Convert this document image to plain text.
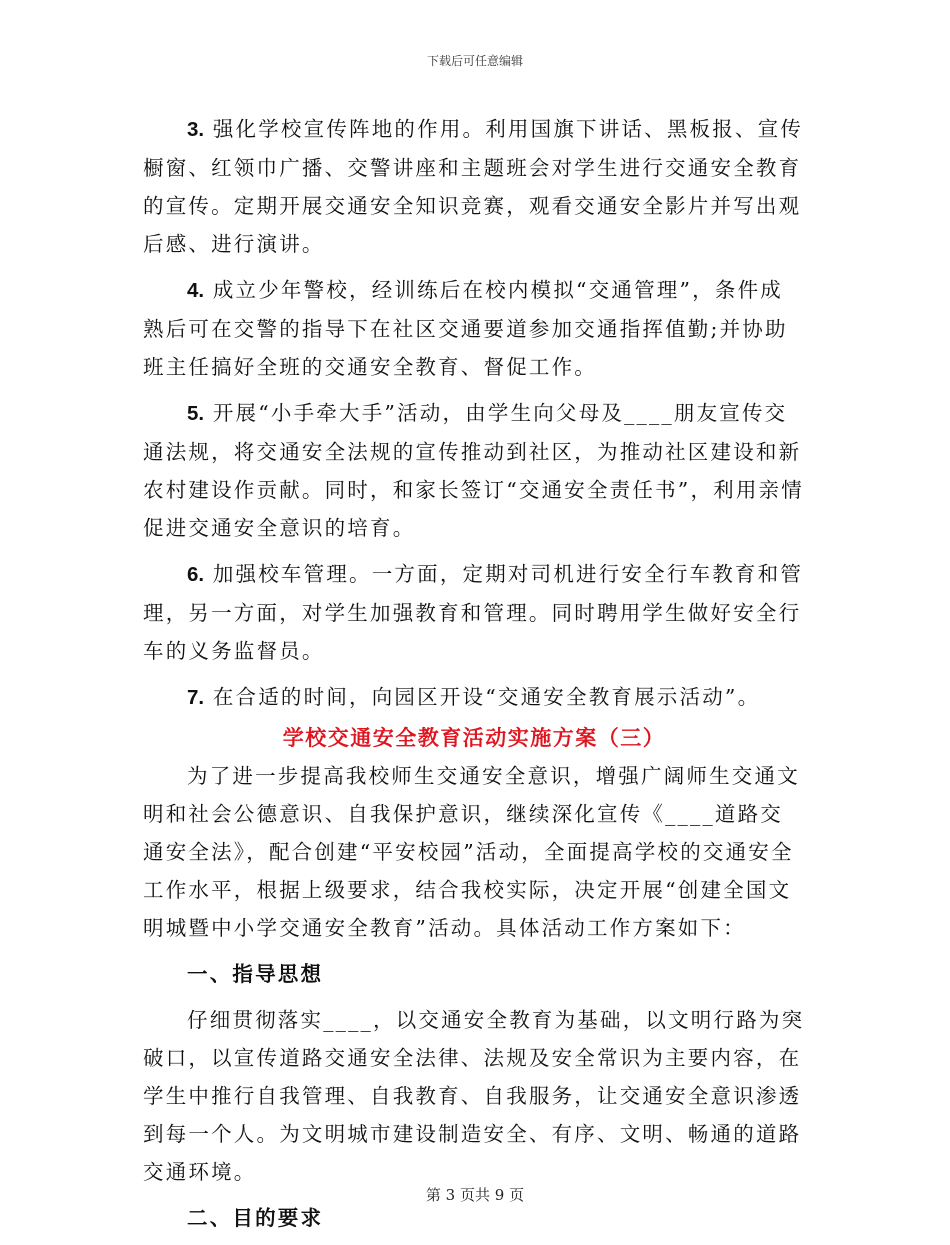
下载后可任意编辑

3. 强化学校宣传阵地的作用。利用国旗下讲话、黑板报、宣传橱窗、红领巾广播、交警讲座和主题班会对学生进行交通安全教育的宣传。定期开展交通安全知识竞赛，观看交通安全影片并写出观后感、进行演讲。

4. 成立少年警校，经训练后在校内模拟“交通管理”，条件成熟后可在交警的指导下在社区交通要道参加交通指挥值勤;并协助班主任搞好全班的交通安全教育、督促工作。

5. 开展“小手牵大手”活动，由学生向父母及____朋友宣传交通法规，将交通安全法规的宣传推动到社区，为推动社区建设和新农村建设作贡献。同时，和家长签订“交通安全责任书”，利用亲情促进交通安全意识的培育。

6. 加强校车管理。一方面，定期对司机进行安全行车教育和管理，另一方面，对学生加强教育和管理。同时聘用学生做好安全行车的义务监督员。

7. 在合适的时间，向园区开设“交通安全教育展示活动”。

学校交通安全教育活动实施方案（三）

为了进一步提高我校师生交通安全意识，增强广阔师生交通文明和社会公德意识、自我保护意识，继续深化宣传《____道路交通安全法》，配合创建“平安校园”活动，全面提高学校的交通安全工作水平，根据上级要求，结合我校实际，决定开展“创建全国文明城暨中小学交通安全教育”活动。具体活动工作方案如下：

一、指导思想

仔细贯彻落实____，以交通安全教育为基础，以文明行路为突破口，以宣传道路交通安全法律、法规及安全常识为主要内容，在学生中推行自我管理、自我教育、自我服务，让交通安全意识渗透到每一个人。为文明城市建设制造安全、有序、文明、畅通的道路交通环境。

二、目的要求

第 3 页共 9 页
